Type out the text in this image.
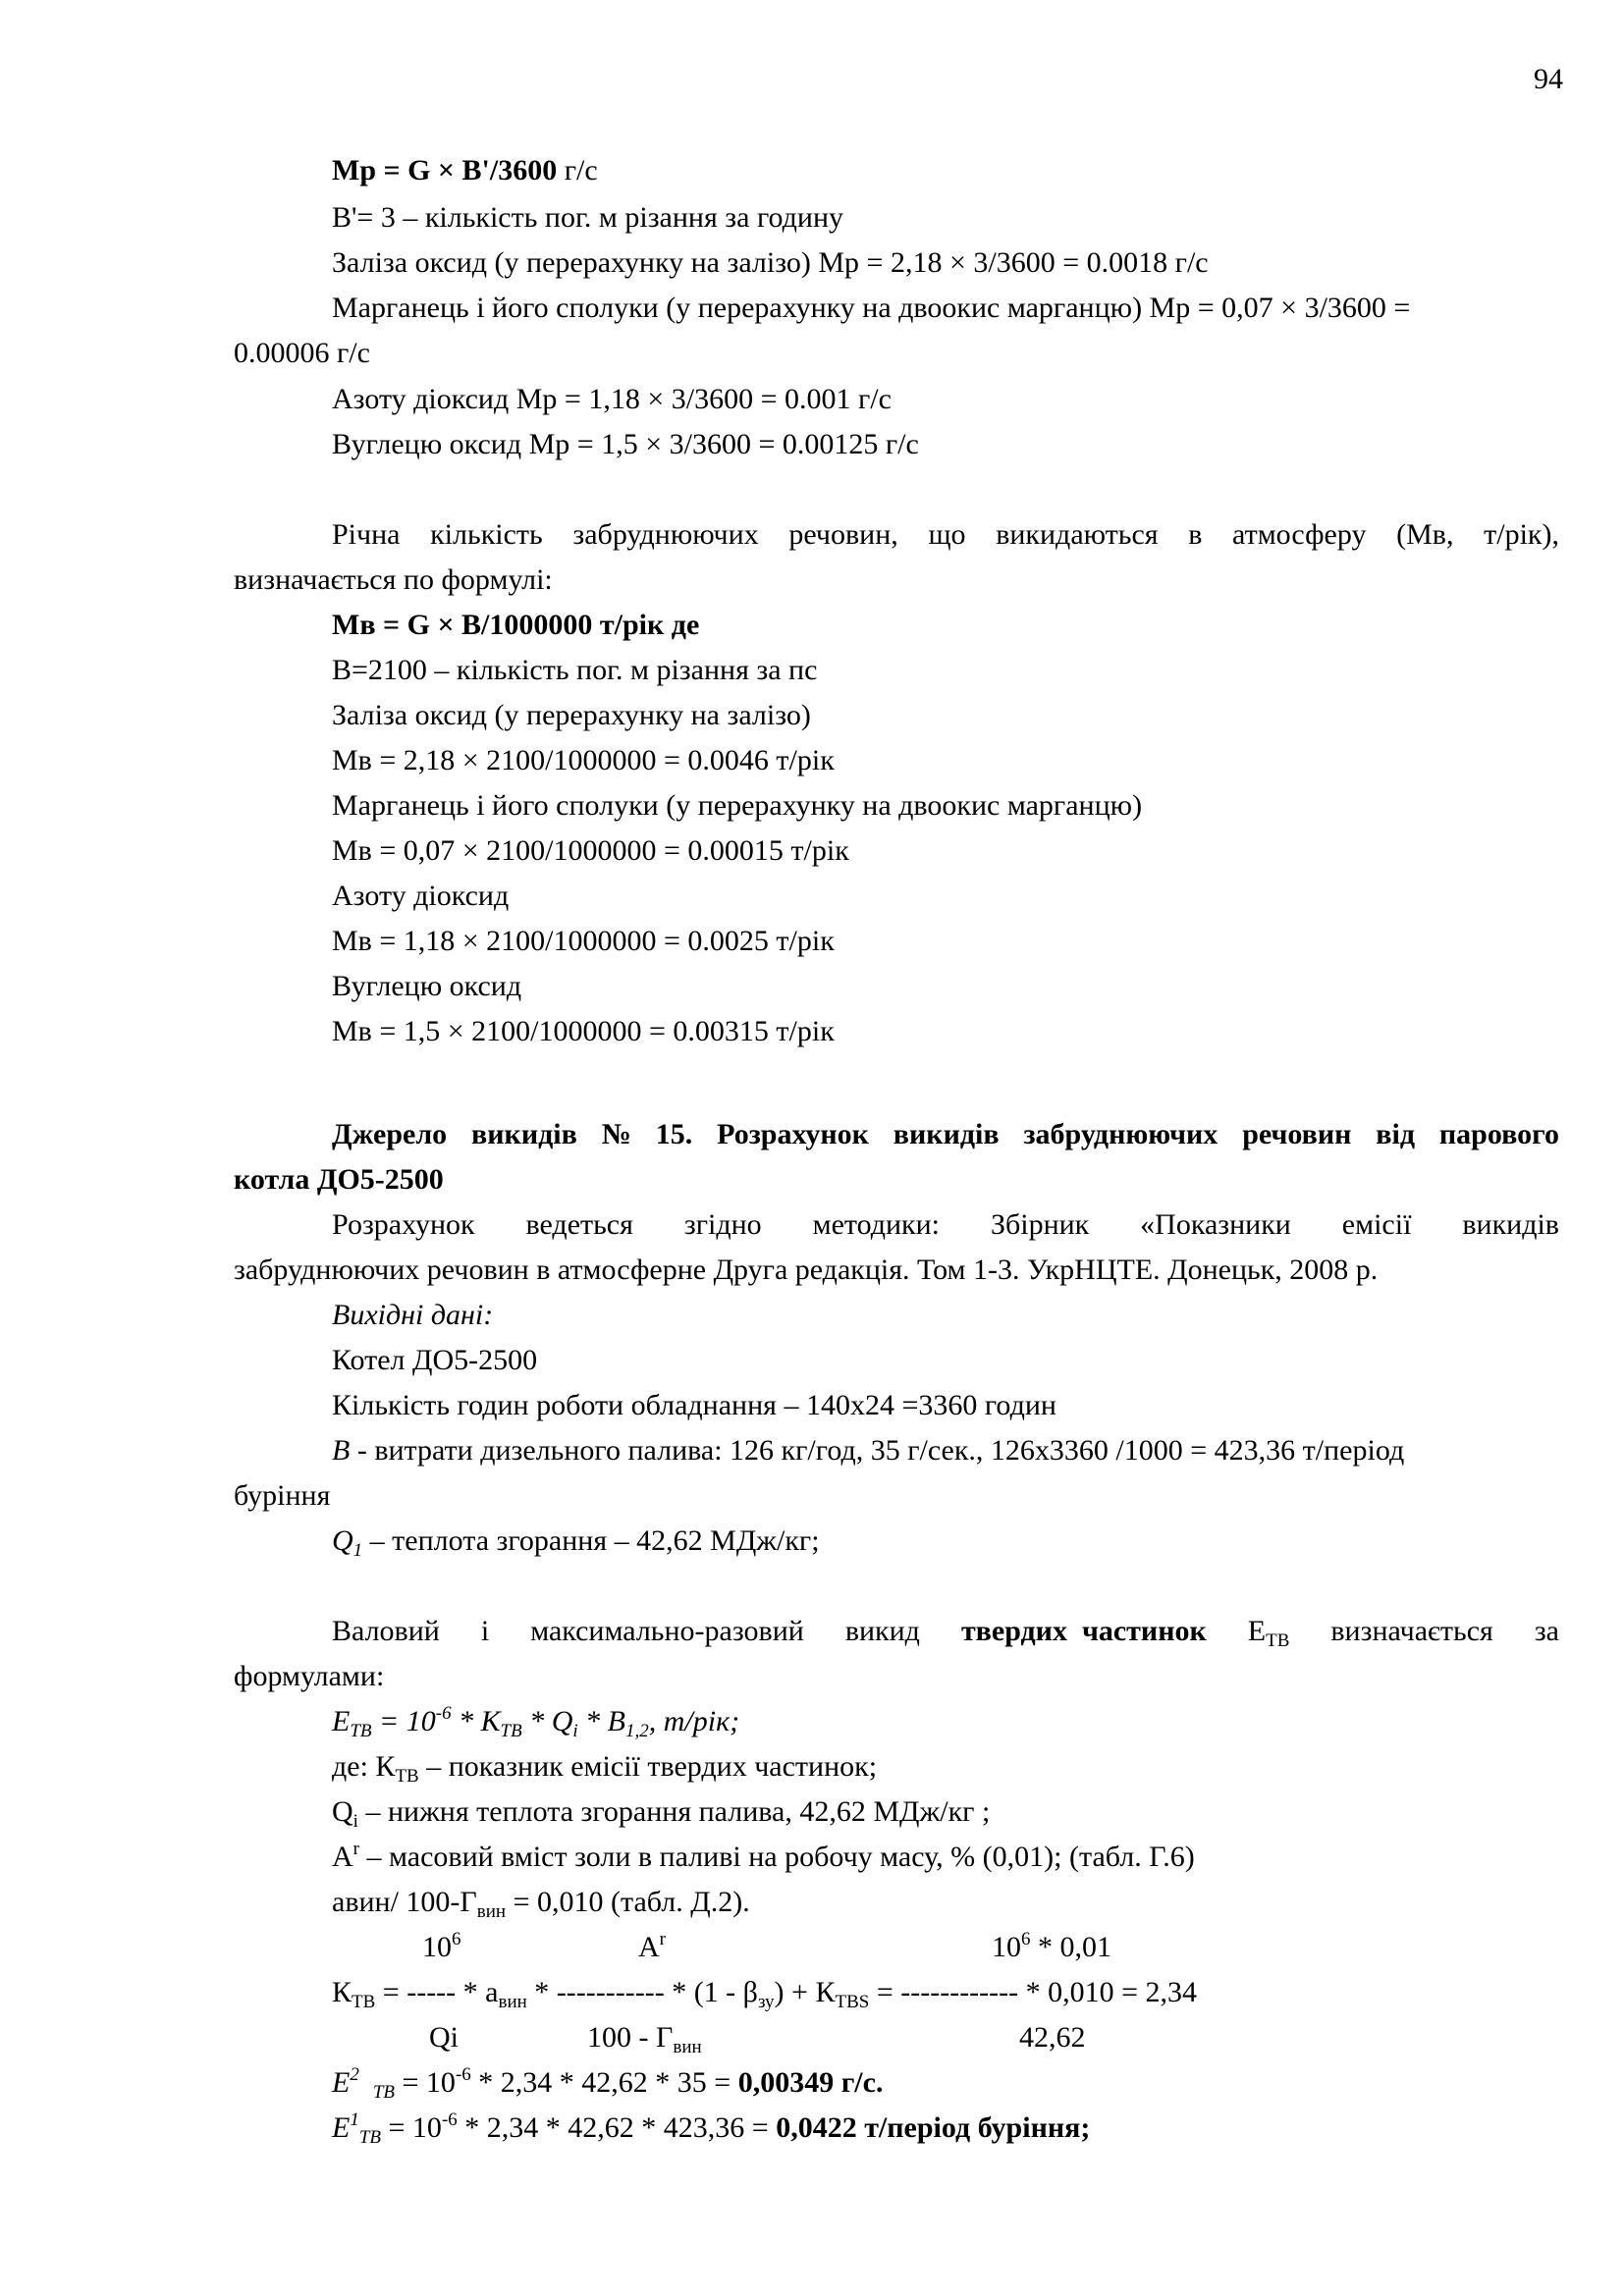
94
Мр = G × В'/3600 г/с
В'= 3 – кількість пог. м різання за годину
Заліза оксид (у перерахунку на залізо) Мр = 2,18 × 3/3600 = 0.0018 г/с
Марганець і його сполуки (у перерахунку на двоокис марганцю) Мр = 0,07 × 3/3600 =
0.00006 г/с
Азоту діоксид Мр = 1,18 × 3/3600 = 0.001 г/с
Вуглецю оксид Мр = 1,5 × 3/3600 = 0.00125 г/с
Річна кількість забруднюючих речовин, що викидаються в атмосферу (Мв, т/рік),
визначається по формулі:
Мв = G × В/1000000 т/рік де
В=2100 – кількість пог. м різання за пс
Заліза оксид (у перерахунку на залізо)
Мв = 2,18 × 2100/1000000 = 0.0046 т/рік
Марганець і його сполуки (у перерахунку на двоокис марганцю)
Мв = 0,07 × 2100/1000000 = 0.00015 т/рік
Азоту діоксид
Мв = 1,18 × 2100/1000000 = 0.0025 т/рік
Вуглецю оксид
Мв = 1,5 × 2100/1000000 = 0.00315 т/рік
Джерело викидів № 15. Розрахунок викидів забруднюючих речовин від парового
котла ДО5-2500
Розрахунок ведеться згідно методики: Збірник «Показники емісії викидів
забруднюючих речовин в атмосферне Друга редакція. Том 1-3. УкрНЦТЕ. Донецьк, 2008 р.
Вихідні дані:
Котел ДО5-2500
Кількість годин роботи обладнання – 140х24 =3360 годин
В - витрати дизельного палива: 126 кг/год, 35 г/сек., 126х3360 /1000 = 423,36 т/період
буріння
$Q_1$ – теплота згорання – 42,62 МДж/кг;
Валовий і максимально-разовий викид твердих  частинок $Е_{ТВ}$ визначається за
формулами:
$Е_{ТВ} = 10^{-6} * К_{ТВ} * Q_i * B_{1,2}$, т/рік;
де: $К_{ТВ}$ – показник емісії твердих частинок;
$Q_i$ – нижня теплота згорання палива, 42,62 МДж/кг ;
$А^r$ – масовий вміст золи в паливі на робочу масу, % (0,01); (табл. Г.6)
авин/ $100-Г_{вин} = 0,010$ (табл. Д.2).
$10^6$	$А^r$	$10^6 * 0,01$
$К_{ТВ}$ = ----- * $а_{вин}$ * ----------- * $(1 - \beta_{зу}) + К_{ТВS}$ = ------------ * 0,010 = 2,34
Qi	$100 - Г_{вин}$	42,62
$Е^2_{ТВ} = 10^{-6} * 2,34 * 42,62 * 35 = 0,00349$ г/с.
$Е^1_{ТВ} = 10^{-6} * 2,34 * 42,62 * 423,36 = 0,0422$ т/період буріння;
